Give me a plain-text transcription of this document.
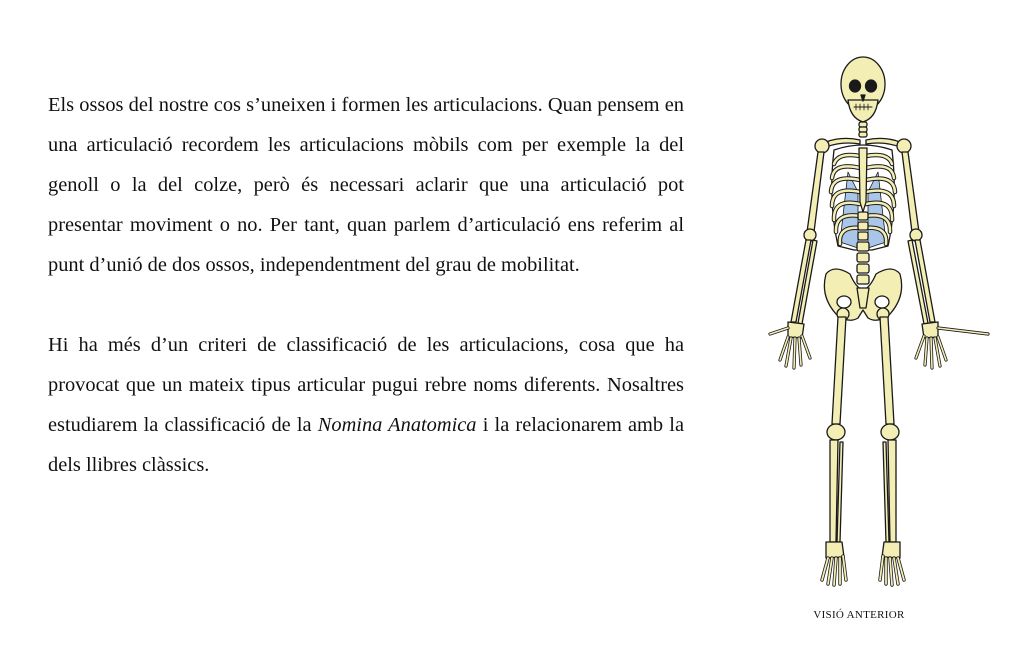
Els ossos del nostre cos s’uneixen i formen les articulacions. Quan pensem en una articulació recordem les articulacions mòbils com per exemple la del genoll o la del colze, però és necessari aclarir que una articulació pot presentar moviment o no. Per tant, quan parlem d’articulació ens referim al punt d’unió de dos ossos, independentment del grau de mobilitat.

Hi ha més d’un criteri de classificació de les articulacions, cosa que ha provocat que un mateix tipus articular pugui rebre noms diferents. Nosaltres estudiarem la classificació de la Nomina Anatomica i la relacionarem amb la dels llibres clàssics.

VISIÓ ANTERIOR
